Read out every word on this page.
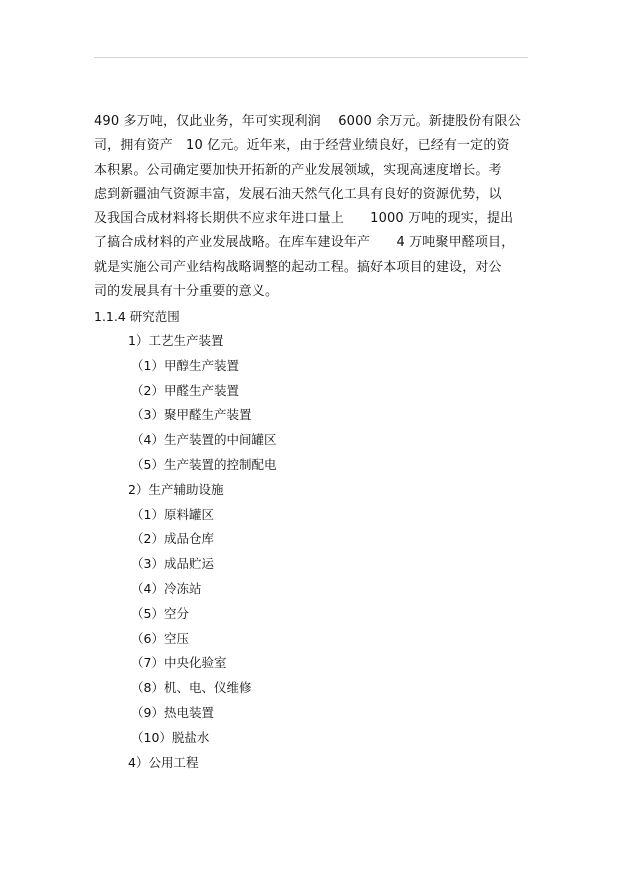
490 多万吨，仅此业务，年可实现利润　 6000 余万元。新捷股份有限公
司，拥有资产　10 亿元。近年来，由于经营业绩良好，已经有一定的资
本积累。公司确定要加快开拓新的产业发展领域，实现高速度增长。考
虑到新疆油气资源丰富，发展石油天然气化工具有良好的资源优势，以
及我国合成材料将长期供不应求年进口量上　　1000 万吨的现实，提出
了搞合成材料的产业发展战略。在库车建设年产　　4 万吨聚甲醛项目，
就是实施公司产业结构战略调整的起动工程。搞好本项目的建设，对公
司的发展具有十分重要的意义。
1.1.4 研究范围
1）工艺生产装置
（1）甲醇生产装置
（2）甲醛生产装置
（3）聚甲醛生产装置
（4）生产装置的中间罐区
（5）生产装置的控制配电
2）生产辅助设施
（1）原料罐区
（2）成品仓库
（3）成品贮运
（4）冷冻站
（5）空分
（6）空压
（7）中央化验室
（8）机、电、仪维修
（9）热电装置
（10）脱盐水
4）公用工程
